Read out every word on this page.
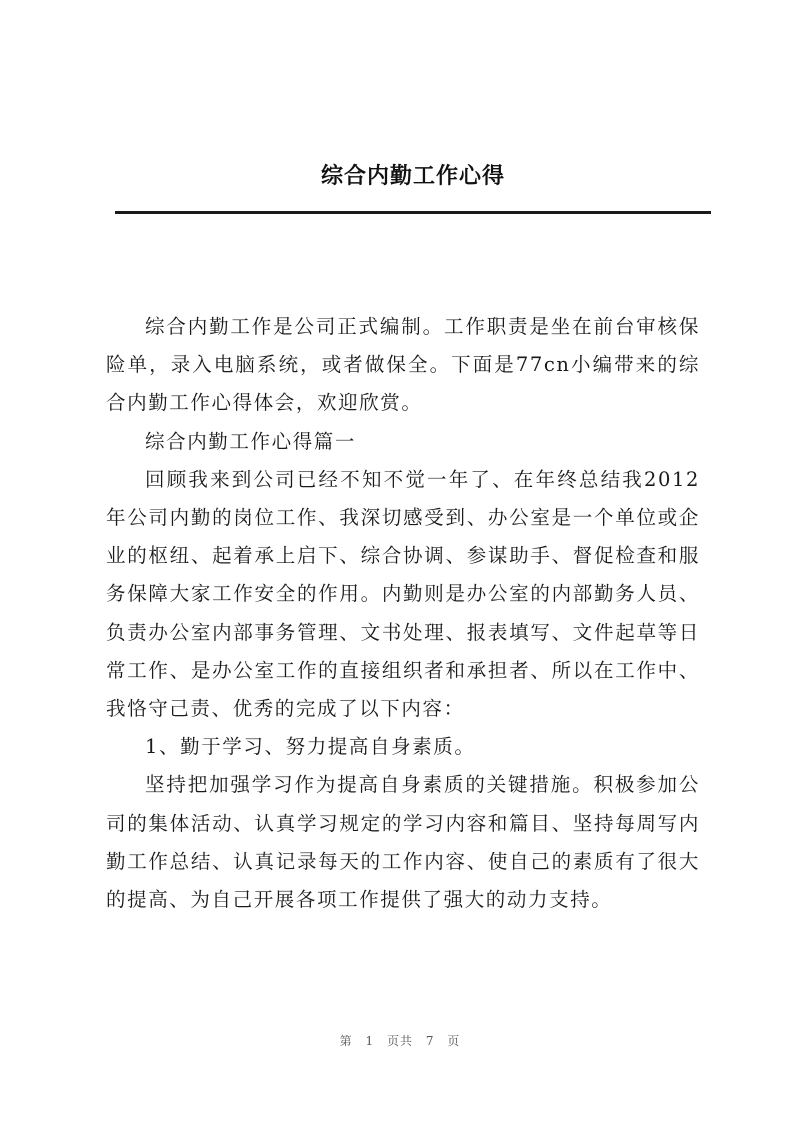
综合内勤工作心得

综合内勤工作是公司正式编制。工作职责是坐在前台审核保险单，录入电脑系统，或者做保全。下面是77cn小编带来的综合内勤工作心得体会，欢迎欣赏。

综合内勤工作心得篇一

回顾我来到公司已经不知不觉一年了、在年终总结我2012年公司内勤的岗位工作、我深切感受到、办公室是一个单位或企业的枢纽、起着承上启下、综合协调、参谋助手、督促检查和服务保障大家工作安全的作用。内勤则是办公室的内部勤务人员、负责办公室内部事务管理、文书处理、报表填写、文件起草等日常工作、是办公室工作的直接组织者和承担者、所以在工作中、我恪守己责、优秀的完成了以下内容：

1、勤于学习、努力提高自身素质。

坚持把加强学习作为提高自身素质的关键措施。积极参加公司的集体活动、认真学习规定的学习内容和篇目、坚持每周写内勤工作总结、认真记录每天的工作内容、使自己的素质有了很大的提高、为自己开展各项工作提供了强大的动力支持。

第 1 页共 7 页
